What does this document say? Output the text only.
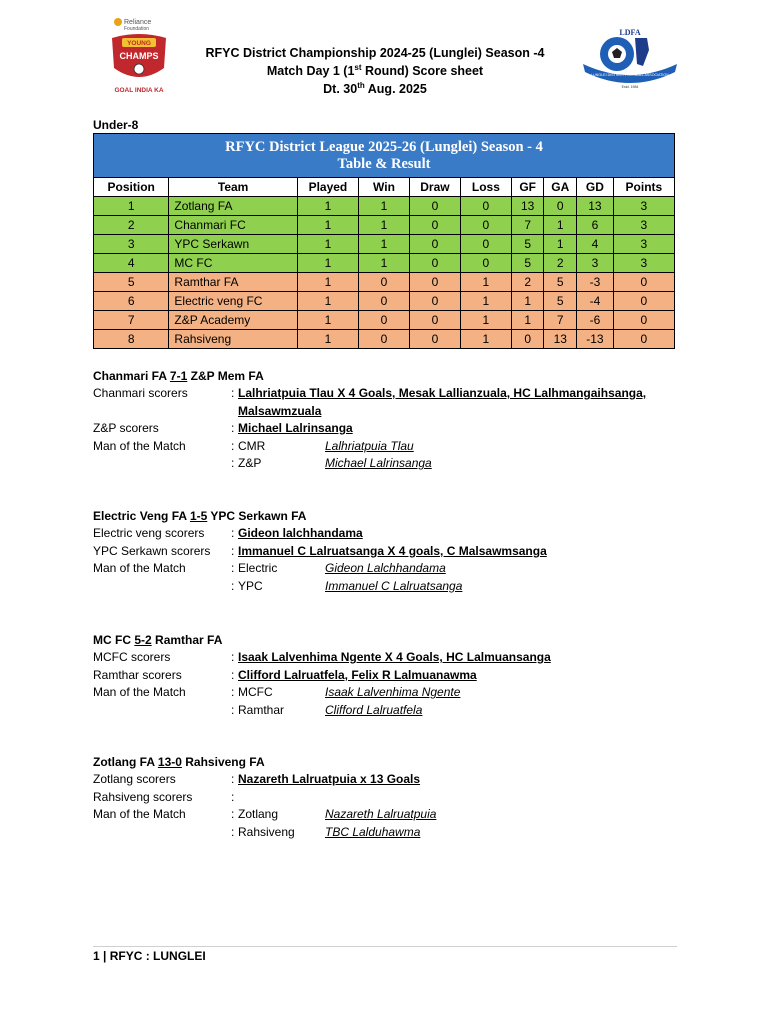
Reliance
Foundation
YOUNG
CHAMPS
GOAL INDIA KA
LDFA
LUNGLEI DISTRICT FOOTBALL ASSOCIATION
Estd. 1984
RFYC District Championship 2024-25 (Lunglei) Season -4
Match Day 1 (1st Round) Score sheet
Dt. 30th Aug. 2025
Under-8
RFYC District League 2025-26 (Lunglei) Season - 4
Table & Result									

Position	Team	Played	Win	Draw	Loss	GF	GA	GD	Points
1	Zotlang FA	1	1	0	0	13	0	13	3
2	Chanmari FC	1	1	0	0	7	1	6	3
3	YPC Serkawn	1	1	0	0	5	1	4	3
4	MC FC	1	1	0	0	5	2	3	3
5	Ramthar FA	1	0	0	1	2	5	-3	0
6	Electric veng FC	1	0	0	1	1	5	-4	0
7	Z&P Academy	1	0	0	1	1	7	-6	0
8	Rahsiveng	1	0	0	1	0	13	-13	0
Chanmari FA 7-1 Z&P Mem FA
Chanmari scorers	: Lalhriatpuia Tlau X 4 Goals, Mesak Lallianzuala, HC Lalhmangaihsanga, Malsawmzuala
Z&P scorers	: Michael Lalrinsanga
Man of the Match	: CMR	Lalhriatpuia Tlau
: Z&P	Michael Lalrinsanga
Electric Veng FA 1-5 YPC Serkawn FA
Electric veng scorers : Gideon lalchhandama
YPC Serkawn scorers : Immanuel C Lalruatsanga X 4 goals, C Malsawmsanga
Man of the Match	: Electric	Gideon Lalchhandama
: YPC	Immanuel C Lalruatsanga
MC FC 5-2 Ramthar FA
MCFC scorers	: Isaak Lalvenhima Ngente X 4 Goals, HC Lalmuansanga
Ramthar scorers	: Clifford Lalruatfela, Felix R Lalmuanawma
Man of the Match	: MCFC	Isaak Lalvenhima Ngente
: Ramthar	Clifford Lalruatfela
Zotlang FA 13-0 Rahsiveng FA
Zotlang scorers	: Nazareth Lalruatpuia x 13 Goals
Rahsiveng scorers	:
Man of the Match	: Zotlang	Nazareth Lalruatpuia
: Rahsiveng	TBC Lalduhawma
1 | RFYC : LUNGLEI
